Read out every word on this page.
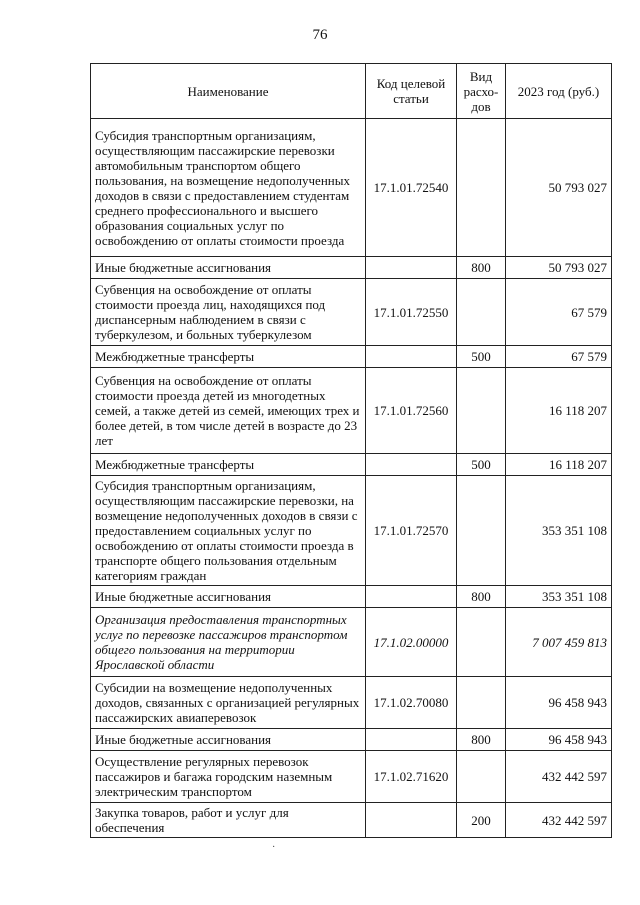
76
Наименование	Код целевой статьи	Вид расхо-дов	2023 год (руб.)
Субсидия транспортным организациям, осуществляющим пассажирские перевозки автомобильным транспортом общего пользования, на возмещение недополученных доходов в связи с предоставлением студентам среднего профессионального и высшего образования социальных услуг по освобождению от оплаты стоимости проезда	17.1.01.72540		50 793 027
Иные бюджетные ассигнования		800	50 793 027
Субвенция на освобождение от оплаты стоимости проезда лиц, находящихся под диспансерным наблюдением в связи с туберкулезом, и больных туберкулезом	17.1.01.72550		67 579
Межбюджетные трансферты		500	67 579
Субвенция на освобождение от оплаты стоимости проезда детей из многодетных семей, а также детей из семей, имеющих трех и более детей, в том числе детей в возрасте до 23 лет	17.1.01.72560		16 118 207
Межбюджетные трансферты		500	16 118 207
Субсидия транспортным организациям, осуществляющим пассажирские перевозки, на возмещение недополученных доходов в связи с предоставлением социальных услуг по освобождению от оплаты стоимости проезда в транспорте общего пользования отдельным категориям граждан	17.1.01.72570		353 351 108
Иные бюджетные ассигнования		800	353 351 108
Организация предоставления транспортных услуг по перевозке пассажиров транспортом общего пользования на территории Ярославской области	17.1.02.00000		7 007 459 813
Субсидии на возмещение недополученных доходов, связанных с организацией регулярных пассажирских авиаперевозок	17.1.02.70080		96 458 943
Иные бюджетные ассигнования		800	96 458 943
Осуществление регулярных перевозок пассажиров и багажа городским наземным электрическим транспортом	17.1.02.71620		432 442 597
Закупка товаров, работ и услуг для обеспечения		200	432 442 597
·
